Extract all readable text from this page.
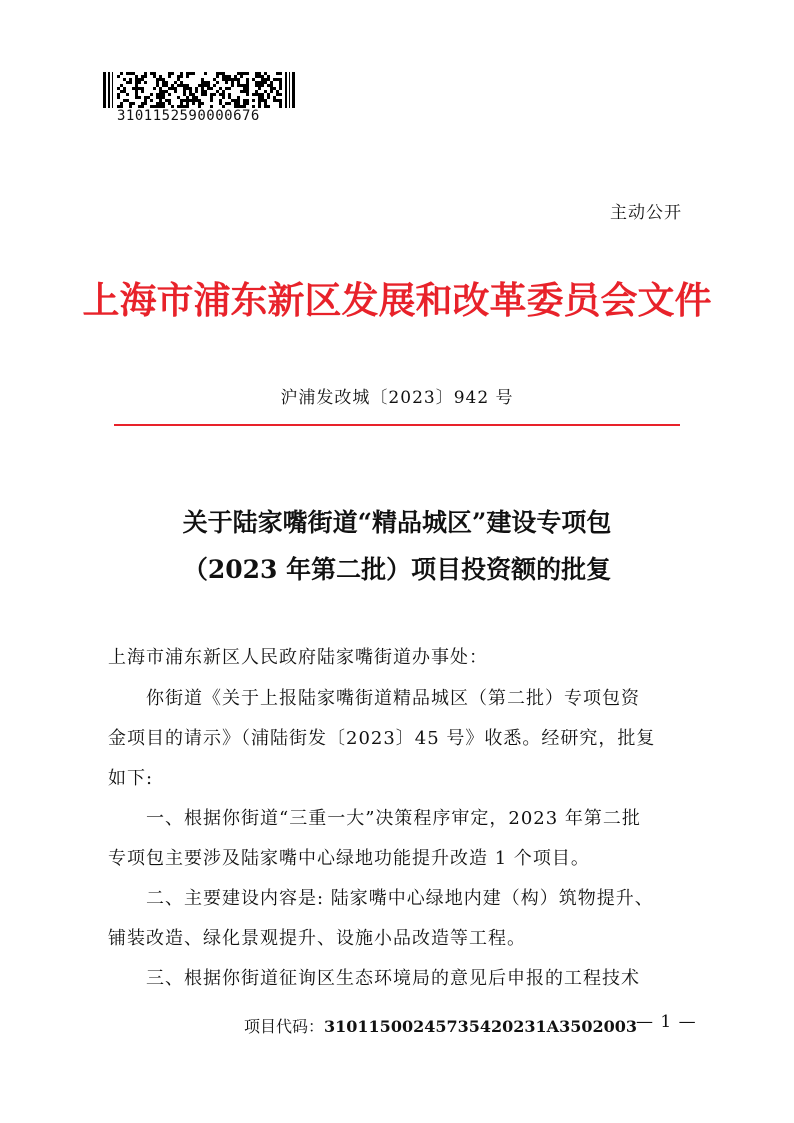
3101152590000676
主动公开
上海市浦东新区发展和改革委员会文件
沪浦发改城〔2023〕942 号
关于陆家嘴街道“精品城区”建设专项包
（2023 年第二批）项目投资额的批复
上海市浦东新区人民政府陆家嘴街道办事处：
你街道《关于上报陆家嘴街道精品城区（第二批）专项包资
金项目的请示》（浦陆街发〔2023〕45 号》收悉。经研究，批复
如下:
一、根据你街道“三重一大”决策程序审定，2023 年第二批
专项包主要涉及陆家嘴中心绿地功能提升改造 1 个项目。
二、主要建设内容是: 陆家嘴中心绿地内建（构）筑物提升、
铺装改造、绿化景观提升、设施小品改造等工程。
三、根据你街道征询区生态环境局的意见后申报的工程技术
项目代码：31011500245735420231A3502003
— 1 —
